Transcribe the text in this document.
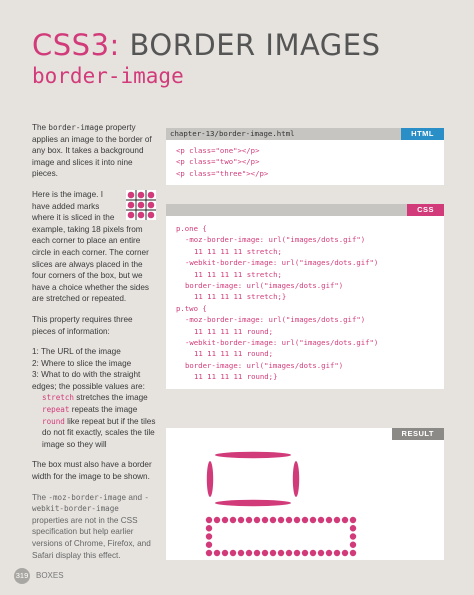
CSS3: BORDER IMAGES
border-image

The border-image property applies an image to the border of any box. It takes a background image and slices it into nine pieces.

Here is the image. I have added marks where it is sliced in the example, taking 18 pixels from each corner to place an entire circle in each corner. The corner slices are always placed in the four corners of the box, but we have a choice whether the sides are stretched or repeated.

This property requires three pieces of information:

1: The URL of the image
2: Where to slice the image
3: What to do with the straight edges; the possible values are:
stretch stretches the image
repeat repeats the image
round like repeat but if the tiles do not fit exactly, scales the tile image so they will

The box must also have a border width for the image to be shown.

The -moz-border-image and -webkit-border-image properties are not in the CSS specification but help earlier versions of Chrome, Firefox, and Safari display this effect.

chapter-13/border-image.html	HTML
<p class="one"></p>
<p class="two"></p>
<p class="three"></p>
CSS
p.one {
-moz-border-image: url("images/dots.gif")
11 11 11 11 stretch;
-webkit-border-image: url("images/dots.gif")
11 11 11 11 stretch;
border-image: url("images/dots.gif")
11 11 11 11 stretch;}
p.two {
-moz-border-image: url("images/dots.gif")
11 11 11 11 round;
-webkit-border-image: url("images/dots.gif")
11 11 11 11 round;
border-image: url("images/dots.gif")
11 11 11 11 round;}
RESULT
319 BOXES
